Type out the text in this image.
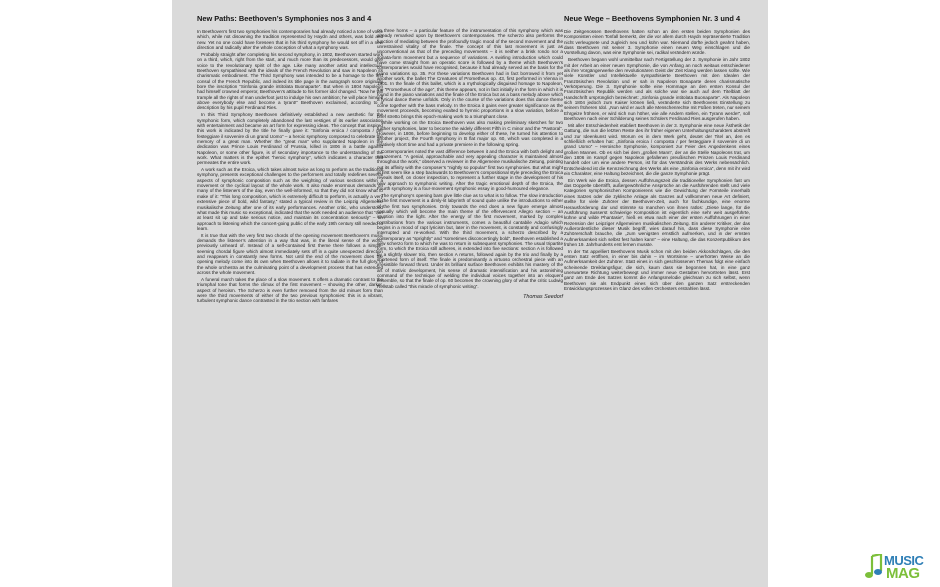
New Paths: Beethoven’s Symphonies nos 3 and 4

In Beethoven’s first two symphonies his contemporaries had already noticed a tone of voice which, while not disowning the tradition represented by Haydn and others, was bold and new. Yet no one could have foreseen that in his third symphony he would set off in a new direction and radically alter the whole conception of what a symphony was.

Probably straight after completing his second symphony, in 1802, Beethoven started work on a third, which, right from the start, and much more than its predecessors, would give voice to the revolutionary spirit of the age. Like many another artist and intellectual, Beethoven sympathised with the ideals of the French Revolution and saw in Napoleon its charismatic embodiment. The Third Symphony was intended to be a homage to the first consul of the French Republic, and indeed its title page in the autograph score originally bore the inscription “Sinfonia grande intitolata Buonaparte”. But when in 1804 Napoleon had himself crowned emperor, Beethoven’s attitude to his former idol changed. “Now he will trample all the rights of man underfoot just to indulge his own ambition; he will place himself above everybody else and become a tyrant!” Beethoven exclaimed, according to a description by his pupil Ferdinand Ries.

In this Third Symphony Beethoven definitively established a new aesthetic for the symphonic form, which completely abandoned the last vestiges of its earlier association with entertainment and became an art form for expressing ideas. The concept that inspired this work is indicated by the title he finally gave it: “Sinfonia eroica / composta / per festeggiare il sovvenire di un grand Uomo” – a heroic symphony composed to celebrate the memory of a great man. Whether the “great man” who supplanted Napoleon in the dedication was Prince Louis Ferdinand of Prussia, killed in 1806 in a battle against Napoleon, or some other figure, is of secondary importance to the understanding of the work. What matters is the epithet “heroic symphony”, which indicates a character that permeates the entire work.

A work such as the Eroica, which takes almost twice as long to perform as the traditional symphony, presents exceptional challenges to the performers and totally redefines several aspects of symphonic composition such as the weighting of various sections within a movement or the cyclical layout of the whole work. It also made enormous demands on many of the listeners of the day, even the well-informed, so that they did not know what to make of it: “This long composition, which is extremely difficult to perform, is actually a very extensive piece of bold, wild fantasy,” stated a typical review in the Leipzig Allgemeine musikalische Zeitung after one of its early performances. Another critic, who understood what made this music so exceptional, indicated that the work needed an audience that “can at least sit up and take serious notice, and maintain its concentration seriously” – an approach to listening which the concert-going public of the early 19th century still needed to learn.

It is true that with the very first two chords of the opening movement Beethoven’s music demands the listener’s attention in a way that was, in the literal sense of the word, previously unheard of. Instead of a self-contained first theme there follows a simple-seeming chordal figure which almost immediately sets off in a quite unexpected direction and reappears in constantly new forms. Not until the end of the movement does the opening melody come into its own when Beethoven allows it to radiate in the full glory of the whole orchestra as the culminating point of a development process that has extended across the whole movement.

A funeral march takes the place of a slow movement. It offers a dramatic contrast to the triumphal tone that forms the climax of the first movement – showing the other, darker, aspect of heroism. The Scherzo is even further removed from the old minuet form than were the third movements of either of the two previous symphonies: this is a vibrant, turbulent symphonic dance contrasted in the trio section with fanfares

on three horns – a particular feature of the instrumentation of this symphony which was already remarked upon by Beethoven’s contemporaries. The scherzo also performs the function of mediating between the profoundly tragic mood of the second movement and the unrestrained vitality of the finale. The concept of this last movement is just as unconventional as that of the preceding movements – it is neither a brisk rondo nor a sonata-form movement but a sequence of variations. A swirling introduction which could have come straight from an operatic score is followed by a theme which Beethoven’s contemporaries would have recognised, because it had already served as the basis for the piano variations op. 35. For these variations Beethoven had in fact borrowed it from yet another work, the ballet The Creatures of Prometheus op. 43, first performed in Vienna in 1801. In the finale of this ballet, which is a mythologically disguised homage to Napoleon, the “Prometheus of the age”, this theme appears, not in fact initially in the form in which it is found in the piano variations and the finale of the Eroica but as a bass melody above which a lyrical dance theme unfolds. Only in the course of the variations does this dance theme come together with the bass melody. In the Eroica it gains ever greater significance as the movement proceeds, becoming exalted to hymnic proportions in a slow variation, before a brief stretto brings this epoch-making work to a triumphant close.

While working on the Eroica Beethoven was also making preliminary sketches for two further symphonies, later to become the widely different Fifth in C minor and the “Pastoral”. However, in 1806, before beginning to develop either of these, he turned his attention to another project, the Fourth symphony in B flat major op. 60, which was completed in a relatively short time and had a private premiere in the following spring.

Contemporaries noted the vast difference between it and the Eroica with both delight and amazement. “A genial, approachable and very appealing character is maintained almost throughout the work,” observed a reviewer in the Allgemeine musikalische Zeitung, pointing out its affinity with the composer’s “nightly so popular” first two symphonies. But what might at first seem like a step backwards to Beethoven’s compositional style preceding the Eroica reveals itself, on closer inspection, to represent a further stage in the development of his new approach to symphonic writing. After the tragic emotional depth of the Eroica, the Fourth symphony is a four-movement symphonic essay in good-humoured elegance.

The symphony’s opening bars give little clue as to what is to follow. The slow introduction to the first movement is a dimly-lit labyrinth of sound quite unlike the introductions to either of the first two symphonies. Only towards the end does a new figure emerge almost casually which will become the main theme of the effervescent Allegro section – an irruption into the light. After the energy of the first movement, marked by complex contributions from the various instruments, comes a beautiful cantabile Adagio which begins in a mood of rapt lyricism but, later in the movement, is constantly and confusingly interrupted and re-worked. With the third movement, a scherzo described by a contemporary as “sprightly” and “sometimes disconcertingly bold”, Beethoven established a new scherzo form to which he was to return in subsequent symphonies. The usual tripartite form, to which the Eroica still adheres, is extended into five sections: section A is followed by a slightly slower trio, then section A returns, followed again by the trio and finally by a shortened form of itself. The finale is predominantly a virtuoso orchestral piece with an irresistible forward thrust. Under its brilliant surface Beethoven exhibits his mastery of the art of motivic development, his sense of dramatic intensification and his astonishing command of the technique of welding the individual voices together into an eloquent ensemble, so that the finale of op. 60 becomes the crowning glory of what the critic Ludwig Rellstab called “this miracle of symphonic writing”.

Thomas Seedorf
Neue Wege – Beethovens Symphonien Nr. 3 und 4

Die Zeitgenossen Beethovens hatten schon an den ersten beiden Symphonien des Komponisten einen Tonfall bemerkt, der die vor allem durch Haydn repräsentierte Tradition nicht verleugnete und zugleich neu und kühn war. Niemand dürfte jedoch geahnt haben, dass Beethoven mit seiner 3. Symphonie einen neuen Weg einschlagen und die Vorstellung davon, was eine Symphonie sei, radikal verändern würde.

Beethoven begann wohl unmittelbar nach Fertigstellung der 2. Symphonie im Jahr 1802 mit der Arbeit an einer neuen Symphonie, die von Anfang an noch weitaus entschiedener als ihre Vorgängerwerke den revolutionären Geist der Zeit Klang werden lassen sollte. Wie viele Künstler und Intellektuelle sympathisierte Beethoven mit den Idealen der Französischen Revolution und er sah in Napoleon Bonaparte deren charismatische Verkörperung. Die 3. Symphonie sollte eine Hommage an den ersten Konsul der Französischen Republik werden und als solche war sie auch auf dem Titelblatt der Handschrift ursprünglich bezeichnet: „Sinfonia grande intitolata Buonaparte“. Als Napoleon sich 1804 jedoch zum Kaiser krönen ließ, veränderte sich Beethovens Einstellung zu seinem früheren Idol. „Nun wird er auch alle Menschenrechte mit Füßen treten, nur seinem Ehrgeize fröhnen, er wird sich nun höher, wie alle Andern stellen, ein Tyrann werde!“, soll Beethoven nach einer Schilderung seines Schülers Ferdinand Ries ausgerufen haben.

Mit aller Entschiedenheit etabliert Beethoven in der 3. Symphonie eine neue Ästhetik der Gattung, die nun die letzten Reste des ihr früher eigenen Unterhaltungscharakters abstreift und zur Ideenkunst wird. Worum es in dem Werk geht, deutet der Titel an, den es schließlich erhalten hat: „Sinfonia eroica / composta / per festeggiare il sovvenire di un grand Uomo“ – Heroische Symphonie, komponiert zur Feier des Angedenkens eines großen Mannes. Ob es sich bei dem „großen Mann“, der an die Stelle Napoleons trat, um den 1806 im Kampf gegen Napoleon gefallenen preußischen Prinzen Louis Ferdinand handelt oder um eine andere Person, ist für das Verständnis des Werks nebensächlich. Entscheidend ist die Kennzeichnung des Werks als eine „Sinfonia eroica“, denn mit ihr wird ein Charakter, eine Haltung bezeichnet, die die ganze Symphonie prägt.

Ein Werk wie die Eroica, dessen Aufführungszeit die traditioneller Symphonien fast um das Doppelte übertrifft, außergewöhnliche Ansprüche an die Ausführenden stellt und viele Kategorien symphonischen Komponierens wie die Gewichtung der Formteile innerhalb eines Satzes oder die zyklische Anlage als Ganzes auf vollkommen neue Art definiert, stellte für viele Zuhörer der Beethoven-Zeit, auch für fachkundige, eine enorme Herausforderung dar und stimmte so manchen von ihnen ratlos: „Diese lange, für die Ausführung äusserst schwierige Komposition ist eigentlich eine sehr weit ausgeführte, kühne und wilde Phantasie“, hieß es etwa nach einer der ersten Aufführungen in einer Rezension der Leipziger Allgemeinen musikalischen Zeitung. Ein anderer Kritiker, der das Außerordentliche dieser Musik begriff, wies darauf hin, dass diese Symphonie eine Zuhörerschaft brauche, die „zum wenigsten ernstlich aufmerken, und in der ernsten Aufmerksamkeit sich selbst fest halten kann“ – eine Haltung, die das Konzertpublikum des frühen 19. Jahrhunderts erst lernen musste.

In der Tat appelliert Beethovens Musik schon mit den beiden Akkordschlägen, die den ersten Satz eröffnen, in einer bis dahin – im Wortsinne – unerhörten Weise an die Aufmerksamkeit der Zuhörer. Statt eines in sich geschlossenen Themas folgt eine einfach scheinende Dreiklangsfigur, die sich, kaum dass sie begonnen hat, in eine ganz unerwartete Richtung weiterbewegt und immer neue Gestalten hervortreten lässt. Erst ganz am Ende des Satzes kommt die Anfangsmelodie gleichsam zu sich selbst, wenn Beethoven sie als Endpunkt eines sich über den ganzen Satz erstreckenden Entwicklungsprozesses im Glanz des vollen Orchesters erstrahlen lässt.

MUSIC
MAG
